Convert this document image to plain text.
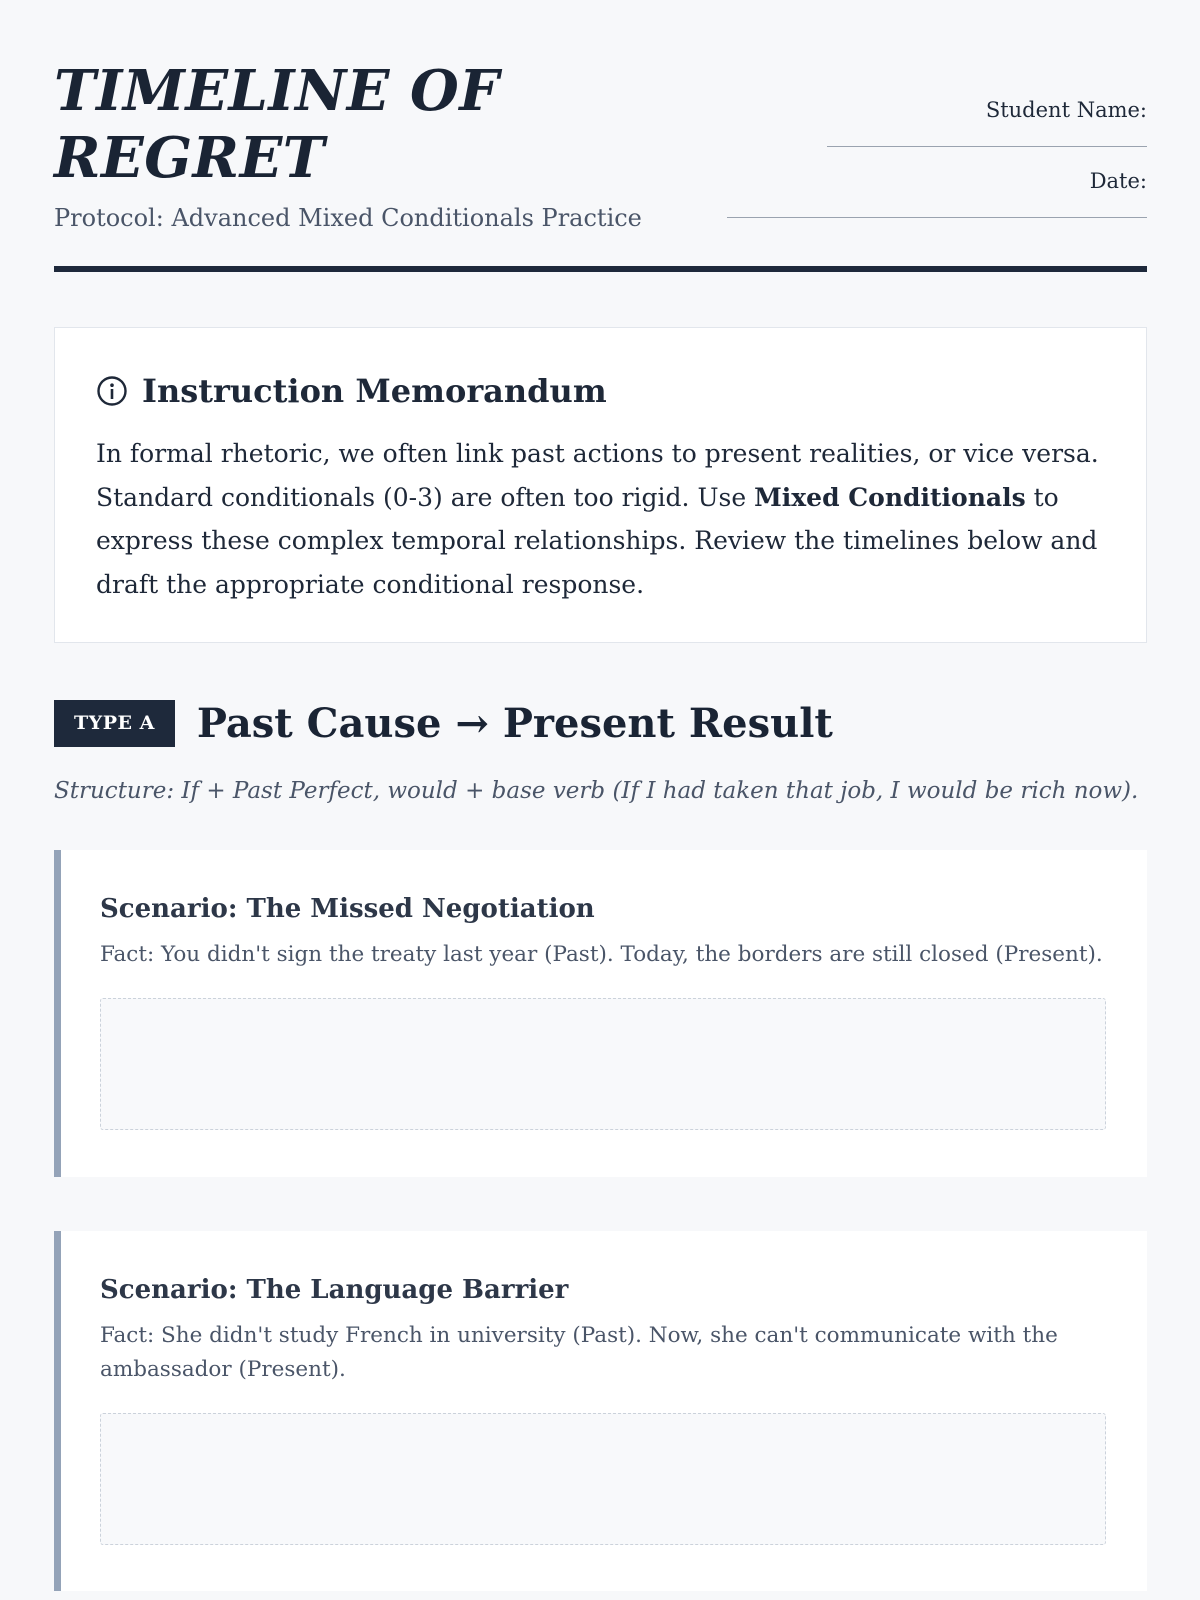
TIMELINE OF
REGRET
Protocol: Advanced Mixed Conditionals Practice
Student Name:
Date:
Instruction Memorandum

In formal rhetoric, we often link past actions to present realities, or vice versa. Standard conditionals (0-3) are often too rigid. Use Mixed Conditionals to express these complex temporal relationships. Review the timelines below and draft the appropriate conditional response.

TYPE A	Past Cause → Present Result
Structure: If + Past Perfect, would + base verb (If I had taken that job, I would be rich now).
Scenario: The Missed Negotiation
Fact: You didn't sign the treaty last year (Past). Today, the borders are still closed (Present).
Scenario: The Language Barrier
Fact: She didn't study French in university (Past). Now, she can't communicate with the ambassador (Present).
